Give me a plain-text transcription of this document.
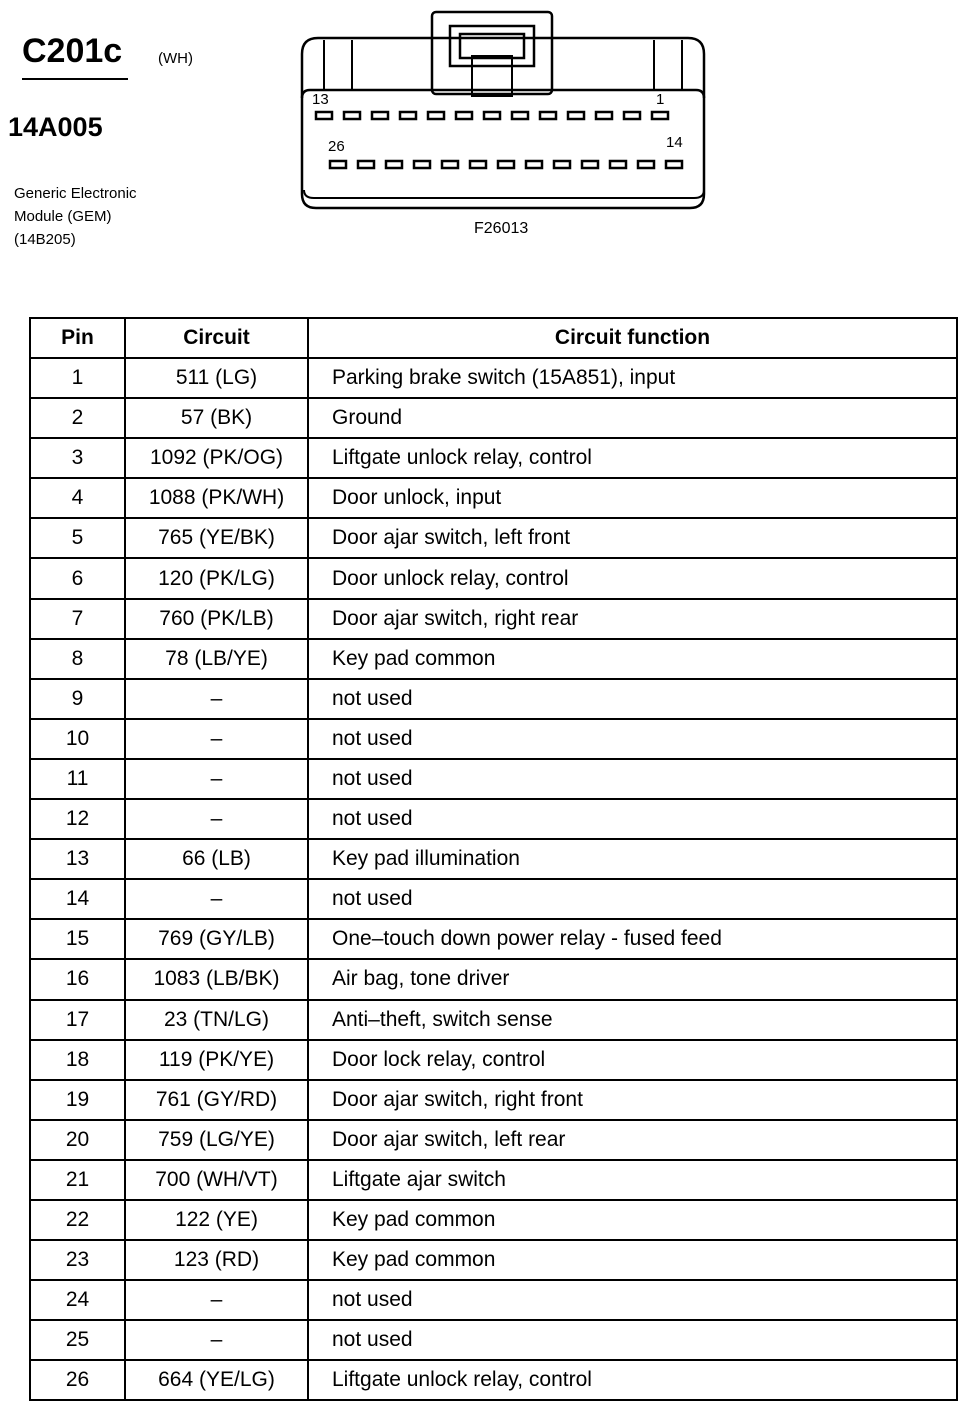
C201c (WH)
14A005
Generic Electronic
Module (GEM)
(14B205)
F26013
13	1
26	14
Pin	Circuit	Circuit function
1	511 (LG)	Parking brake switch (15A851), input
2	57 (BK)	Ground
3	1092 (PK/OG)	Liftgate unlock relay, control
4	1088 (PK/WH)	Door unlock, input
5	765 (YE/BK)	Door ajar switch, left front
6	120 (PK/LG)	Door unlock relay, control
7	760 (PK/LB)	Door ajar switch, right rear
8	78 (LB/YE)	Key pad common
9	–	not used
10	–	not used
11	–	not used
12	–	not used
13	66 (LB)	Key pad illumination
14	–	not used
15	769 (GY/LB)	One–touch down power relay - fused feed
16	1083 (LB/BK)	Air bag, tone driver
17	23 (TN/LG)	Anti–theft, switch sense
18	119 (PK/YE)	Door lock relay, control
19	761 (GY/RD)	Door ajar switch, right front
20	759 (LG/YE)	Door ajar switch, left rear
21	700 (WH/VT)	Liftgate ajar switch
22	122 (YE)	Key pad common
23	123 (RD)	Key pad common
24	–	not used
25	–	not used
26	664 (YE/LG)	Liftgate unlock relay, control
